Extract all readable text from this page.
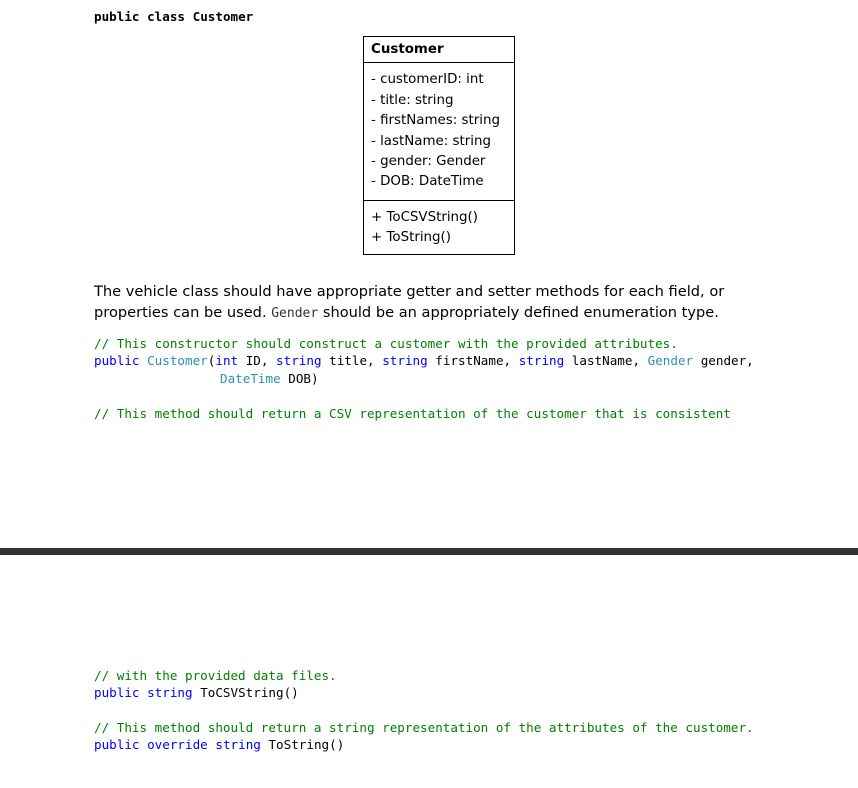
public class Customer
Customer
- customerID: int
- title: string
- firstNames: string
- lastName: string
- gender: Gender
- DOB: DateTime
+ ToCSVString()
+ ToString()
The vehicle class should have appropriate getter and setter methods for each field, or properties can be used. Gender should be an appropriately defined enumeration type.
// This constructor should construct a customer with the provided attributes.
public Customer(int ID, string title, string firstName, string lastName, Gender gender,
DateTime DOB)
// This method should return a CSV representation of the customer that is consistent
// with the provided data files.
public string ToCSVString()
// This method should return a string representation of the attributes of the customer.
public override string ToString()
